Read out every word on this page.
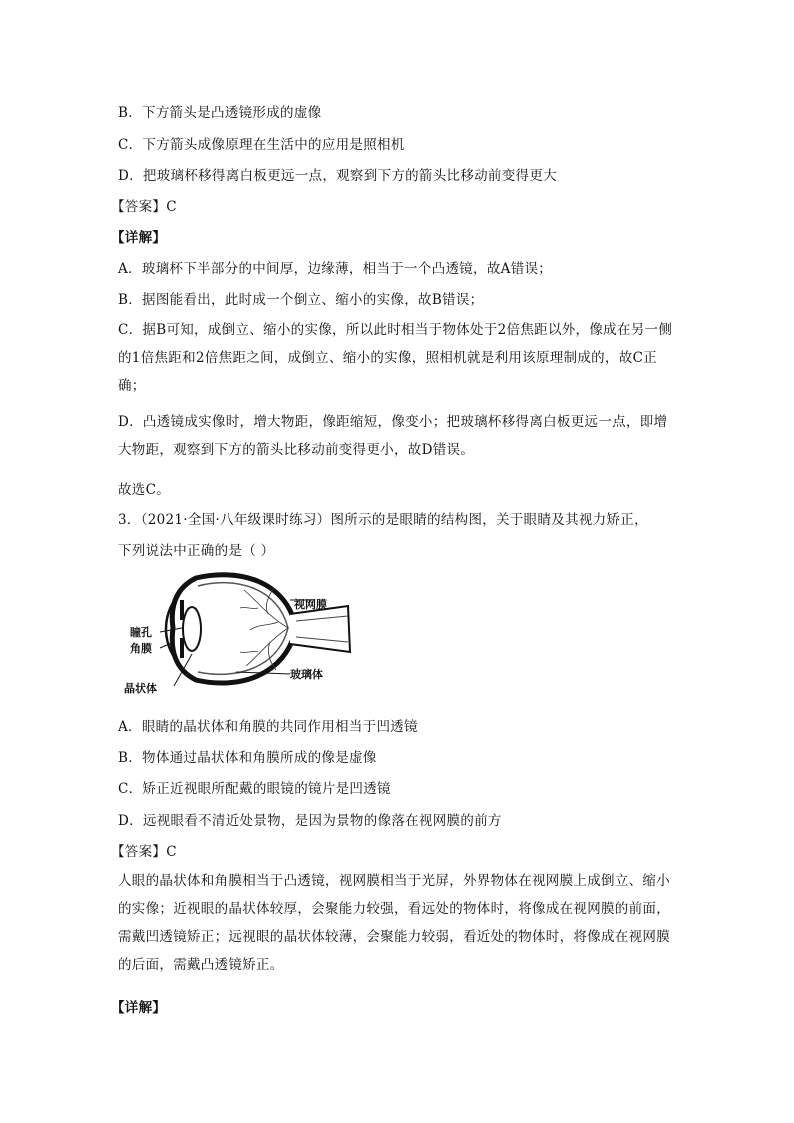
B．下方箭头是凸透镜形成的虚像

C．下方箭头成像原理在生活中的应用是照相机

D．把玻璃杯移得离白板更远一点，观察到下方的箭头比移动前变得更大

【答案】C

【详解】

A．玻璃杯下半部分的中间厚，边缘薄，相当于一个凸透镜，故A错误；

B．据图能看出，此时成一个倒立、缩小的实像，故B错误；

C．据B可知，成倒立、缩小的实像，所以此时相当于物体处于2倍焦距以外，像成在另一侧的1倍焦距和2倍焦距之间，成倒立、缩小的实像，照相机就是利用该原理制成的，故C正确；

D．凸透镜成实像时，增大物距，像距缩短，像变小；把玻璃杯移得离白板更远一点，即增大物距，观察到下方的箭头比移动前变得更小，故D错误。

故选C。

3．（2021·全国·八年级课时练习）图所示的是眼睛的结构图，关于眼睛及其视力矫正，

下列说法中正确的是（ ）

视网膜
瞳孔
角膜
晶状体
玻璃体

A．眼睛的晶状体和角膜的共同作用相当于凹透镜

B．物体通过晶状体和角膜所成的像是虚像

C．矫正近视眼所配戴的眼镜的镜片是凹透镜

D．远视眼看不清近处景物，是因为景物的像落在视网膜的前方

【答案】C

人眼的晶状体和角膜相当于凸透镜，视网膜相当于光屏，外界物体在视网膜上成倒立、缩小的实像；近视眼的晶状体较厚，会聚能力较强，看远处的物体时，将像成在视网膜的前面，需戴凹透镜矫正；远视眼的晶状体较薄，会聚能力较弱，看近处的物体时，将像成在视网膜的后面，需戴凸透镜矫正。

【详解】
